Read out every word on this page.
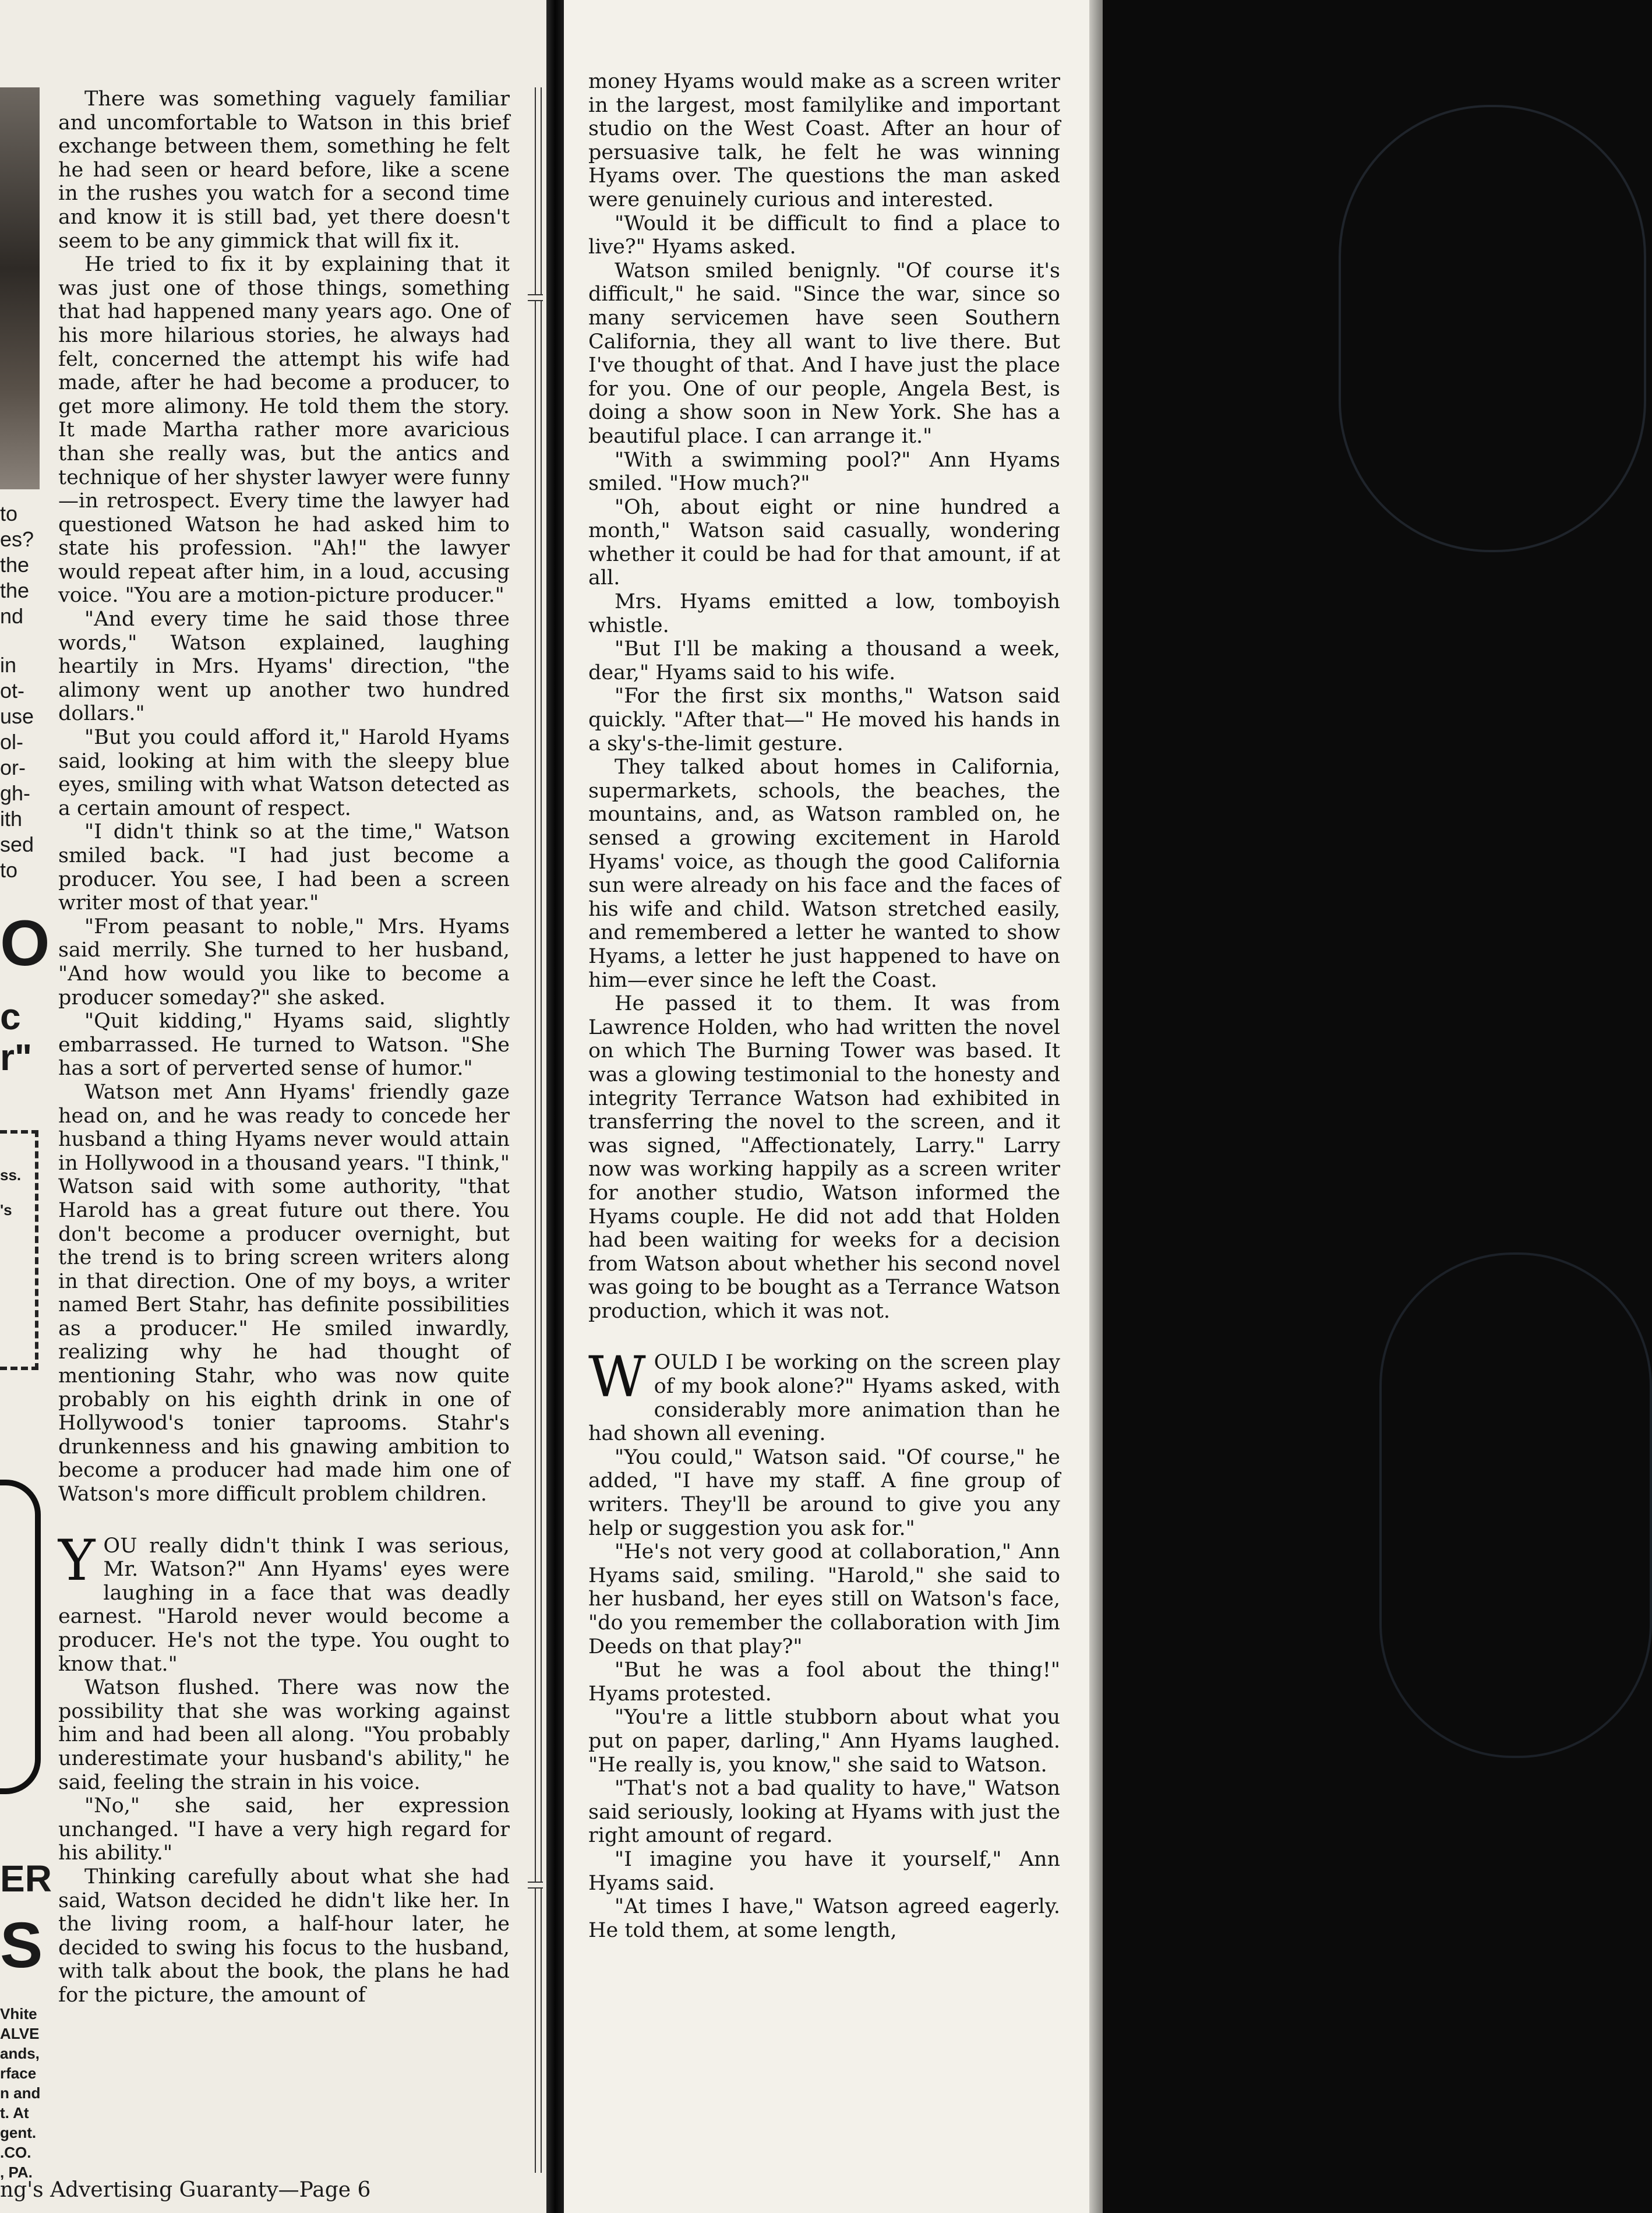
to
es?
the
the
nd
in
ot-
use
ol-
or-
gh-
ith
sed
to
O
c
r"
ss.
's
ER
S
Vhite
ALVE
ands,
rface
n and
t. At
gent.
.CO.
, PA.

There was something vaguely familiar and uncomfortable to Watson in this brief exchange between them, something he felt he had seen or heard before, like a scene in the rushes you watch for a second time and know it is still bad, yet there doesn't seem to be any gimmick that will fix it.

He tried to fix it by explaining that it was just one of those things, something that had happened many years ago. One of his more hilarious stories, he always had felt, concerned the attempt his wife had made, after he had become a producer, to get more alimony. He told them the story. It made Martha rather more avaricious than she really was, but the antics and technique of her shyster lawyer were funny—in retrospect. Every time the lawyer had questioned Watson he had asked him to state his profession. "Ah!" the lawyer would repeat after him, in a loud, accusing voice. "You are a motion-picture producer."

"And every time he said those three words," Watson explained, laughing heartily in Mrs. Hyams' direction, "the alimony went up another two hundred dollars."

"But you could afford it," Harold Hyams said, looking at him with the sleepy blue eyes, smiling with what Watson detected as a certain amount of respect.

"I didn't think so at the time," Watson smiled back. "I had just become a producer. You see, I had been a screen writer most of that year."

"From peasant to noble," Mrs. Hyams said merrily. She turned to her husband, "And how would you like to become a producer someday?" she asked.

"Quit kidding," Hyams said, slightly embarrassed. He turned to Watson. "She has a sort of perverted sense of humor."

Watson met Ann Hyams' friendly gaze head on, and he was ready to concede her husband a thing Hyams never would attain in Hollywood in a thousand years. "I think," Watson said with some authority, "that Harold has a great future out there. You don't become a producer overnight, but the trend is to bring screen writers along in that direction. One of my boys, a writer named Bert Stahr, has definite possibilities as a producer." He smiled inwardly, realizing why he had thought of mentioning Stahr, who was now quite probably on his eighth drink in one of Hollywood's tonier taprooms. Stahr's drunkenness and his gnawing ambition to become a producer had made him one of Watson's more difficult problem children.

YOU really didn't think I was serious, Mr. Watson?" Ann Hyams' eyes were laughing in a face that was deadly earnest. "Harold never would become a producer. He's not the type. You ought to know that."

Watson flushed. There was now the possibility that she was working against him and had been all along. "You probably underestimate your husband's ability," he said, feeling the strain in his voice.

"No," she said, her expression unchanged. "I have a very high regard for his ability."

Thinking carefully about what she had said, Watson decided he didn't like her. In the living room, a half-hour later, he decided to swing his focus to the husband, with talk about the book, the plans he had for the picture, the amount of

ng's Advertising Guaranty—Page 6

money Hyams would make as a screen writer in the largest, most familylike and important studio on the West Coast. After an hour of persuasive talk, he felt he was winning Hyams over. The questions the man asked were genuinely curious and interested.

"Would it be difficult to find a place to live?" Hyams asked.

Watson smiled benignly. "Of course it's difficult," he said. "Since the war, since so many servicemen have seen Southern California, they all want to live there. But I've thought of that. And I have just the place for you. One of our people, Angela Best, is doing a show soon in New York. She has a beautiful place. I can arrange it."

"With a swimming pool?" Ann Hyams smiled. "How much?"

"Oh, about eight or nine hundred a month," Watson said casually, wondering whether it could be had for that amount, if at all.

Mrs. Hyams emitted a low, tomboyish whistle.

"But I'll be making a thousand a week, dear," Hyams said to his wife.

"For the first six months," Watson said quickly. "After that—" He moved his hands in a sky's-the-limit gesture.

They talked about homes in California, supermarkets, schools, the beaches, the mountains, and, as Watson rambled on, he sensed a growing excitement in Harold Hyams' voice, as though the good California sun were already on his face and the faces of his wife and child. Watson stretched easily, and remembered a letter he wanted to show Hyams, a letter he just happened to have on him—ever since he left the Coast.

He passed it to them. It was from Lawrence Holden, who had written the novel on which The Burning Tower was based. It was a glowing testimonial to the honesty and integrity Terrance Watson had exhibited in transferring the novel to the screen, and it was signed, "Affectionately, Larry." Larry now was working happily as a screen writer for another studio, Watson informed the Hyams couple. He did not add that Holden had been waiting for weeks for a decision from Watson about whether his second novel was going to be bought as a Terrance Watson production, which it was not.

WOULD I be working on the screen play of my book alone?" Hyams asked, with considerably more animation than he had shown all evening.

"You could," Watson said. "Of course," he added, "I have my staff. A fine group of writers. They'll be around to give you any help or suggestion you ask for."

"He's not very good at collaboration," Ann Hyams said, smiling. "Harold," she said to her husband, her eyes still on Watson's face, "do you remember the collaboration with Jim Deeds on that play?"

"But he was a fool about the thing!" Hyams protested.

"You're a little stubborn about what you put on paper, darling," Ann Hyams laughed. "He really is, you know," she said to Watson.

"That's not a bad quality to have," Watson said seriously, looking at Hyams with just the right amount of regard.

"I imagine you have it yourself," Ann Hyams said.

"At times I have," Watson agreed eagerly. He told them, at some length,
